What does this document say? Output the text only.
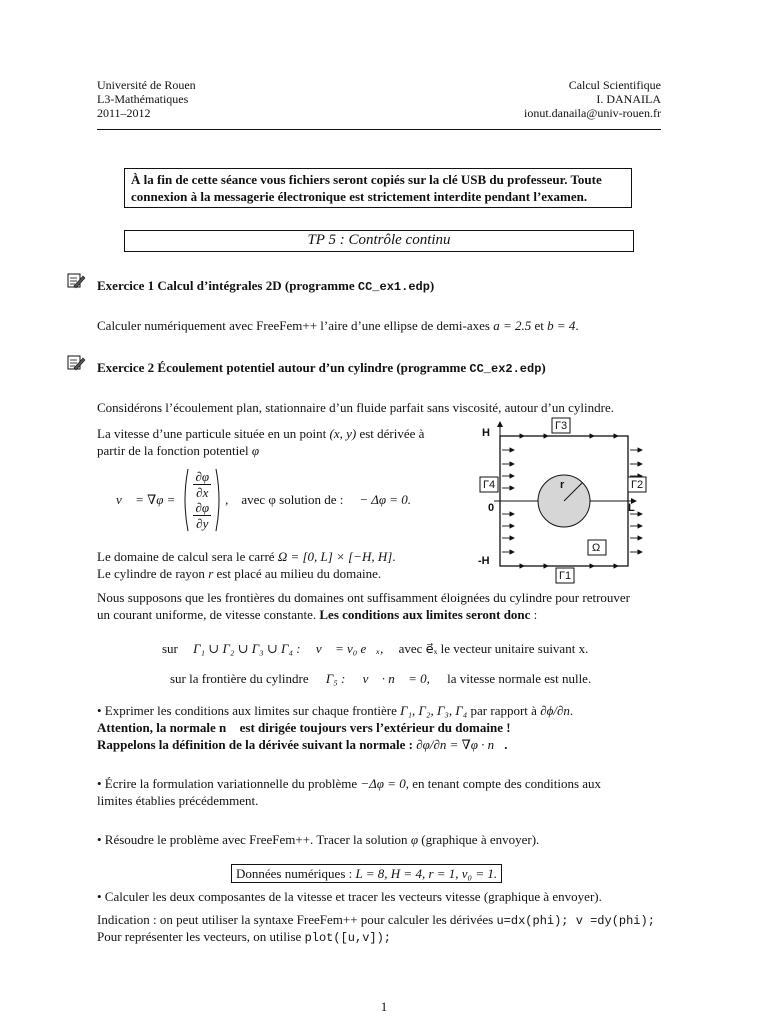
Université de Rouen
L3-Mathématiques
2011–2012
Calcul Scientifique
I. DANAILA
ionut.danaila@univ-rouen.fr
À la fin de cette séance vous fichiers seront copiés sur la clé USB du professeur. Toute
connexion à la messagerie électronique est strictement interdite pendant l’examen.
TP 5 : Contrôle continu
Exercice 1 Calcul d’intégrales 2D (programme CC_ex1.edp)
Calculer numériquement avec FreeFem++ l’aire d’une ellipse de demi-axes a = 2.5 et b = 4.
Exercice 2 Écoulement potentiel autour d’un cylindre (programme CC_ex2.edp)
Considérons l’écoulement plan, stationnaire d’un fluide parfait sans viscosité, autour d’un cylindre.
La vitesse d’une particule située en un point (x, y) est dérivée à
partir de la fonction potentiel φ
v⃗ = $\nabla\varphi = \frac{\partial\varphi}{\partial x}$
$\frac{\partial\varphi}{\partial y}$
,    avec φ solution de : − Δφ = 0.
Le domaine de calcul sera le carré Ω = [0, L] × [−H, H].
Le cylindre de rayon r est placé au milieu du domaine.
H
-H
0	L
r
Γ3
Γ4	Γ2
Γ1
Ω
Nous supposons que les frontières du domaines ont suffisamment éloignées du cylindre pour retrouver
un courant uniforme, de vitesse constante. Les conditions aux limites seront donc :
sur Γ₁ ∪ Γ₂ ∪ Γ₃ ∪ Γ₄ : v⃗ = v₀ e⃗ₓ, avec e⃗ₓ le vecteur unitaire suivant x.
sur la frontière du cylindre Γ₅ : v⃗ · n⃗ = 0, la vitesse normale est nulle.
• Exprimer les conditions aux limites sur chaque frontière Γ₁, Γ₂, Γ₃, Γ₄ par rapport à ∂ϕ/∂n.
Attention, la normale n⃗ est dirigée toujours vers l’extérieur du domaine !
Rappelons la définition de la dérivée suivant la normale : ∂φ/∂n = ∇φ · n⃗.
• Écrire la formulation variationnelle du problème −Δφ = 0, en tenant compte des conditions aux
limites établies précédemment.
• Résoudre le problème avec FreeFem++. Tracer la solution φ (graphique à envoyer).
Données numériques : L = 8, H = 4, r = 1, v₀ = 1.
• Calculer les deux composantes de la vitesse et tracer les vecteurs vitesse (graphique à envoyer).
Indication : on peut utiliser la syntaxe FreeFem++ pour calculer les dérivées u=dx(phi); v =dy(phi);
Pour représenter les vecteurs, on utilise plot([u,v]);
1
